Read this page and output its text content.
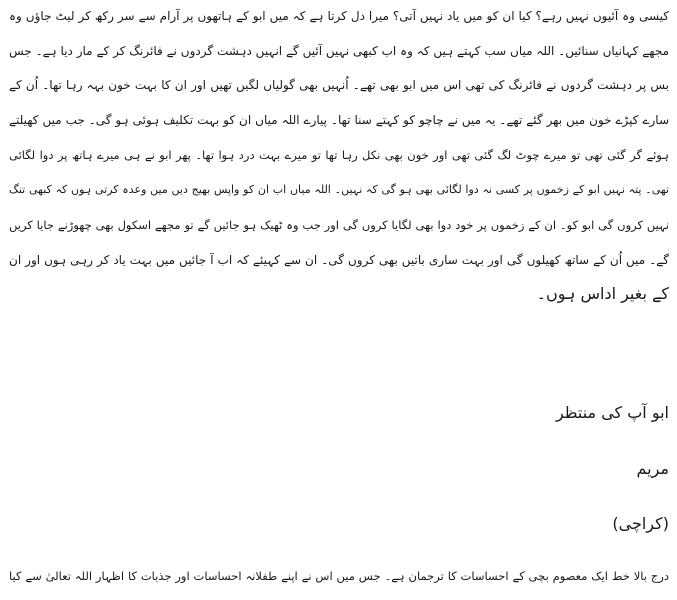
کیسی وہ آئیوں نہیں رہے؟ کیا ان کو میں یاد نہیں آتی؟ میرا دل کرتا ہے کہ میں ابو کے ہاتھوں پر آرام سے سر رکھ کر لیٹ جاؤں وہ
مجھے کہانیاں سنائیں۔ اللہ میاں سب کہتے ہیں کہ وہ اب کبھی نہیں آئیں گے انہیں دہشت گردوں نے فائرنگ کر کے مار دیا ہے۔ جس
بس پر دہشت گردوں نے فائرنگ کی تھی اس میں ابو بھی تھے۔ اُنہیں بھی گولیاں لگیں تھیں اور ان کا بہت خون بہہ رہا تھا۔ اُن کے
سارے کپڑے خون میں بھر گئے تھے۔ یہ میں نے چاچو کو کہتے سنا تھا۔ پیارے اللہ میاں ان کو بہت تکلیف ہوئی ہو گی۔ جب میں کھیلتے
ہوئے گر گئی تھی تو میرے چوٹ لگ گئی تھی اور خون بھی نکل رہا تھا تو میرے بہت درد ہوا تھا۔ پھر ابو نے ہی میرے ہاتھ پر دوا لگائی
تھی۔ پتہ نہیں ابو کے زخموں پر کسی نہ دوا لگائی بھی ہو گی کہ نہیں۔ اللہ میاں اب ان کو واپس بھیج دیں میں وعدہ کرتی ہوں کہ کبھی تنگ
نہیں کروں گی ابو کو۔ ان کے زخموں پر خود دوا بھی لگایا کروں گی اور جب وہ ٹھیک ہو جائیں گے تو مجھے اسکول بھی چھوڑنے جایا کریں
گے۔ میں اُن کے ساتھ کھیلوں گی اور بہت ساری باتیں بھی کروں گی۔ ان سے کہیئے کہ اب آ جائیں میں بہت یاد کر رہی ہوں اور ان
کے بغیر اداس ہوں۔
ابو آپ کی منتظر
مریم
(کراچی)
درج بالا خط ایک معصوم بچی کے احساسات کا ترجمان ہے۔ جس میں اس نے اپنے طفلانہ احساسات اور جذبات کا اظہار اللہ تعالیٰ سے کیا
